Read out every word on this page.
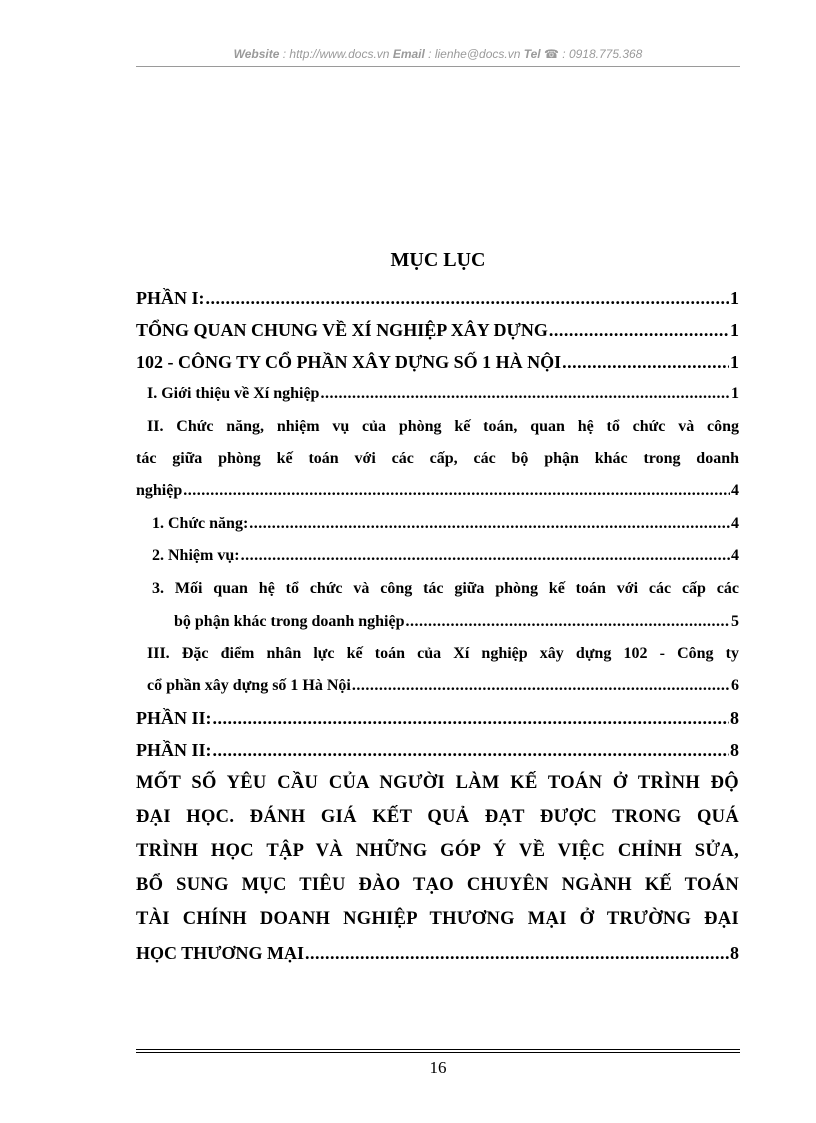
Website : http://www.docs.vn Email : lienhe@docs.vn Tel ☎ : 0918.775.368
MỤC LỤC
PHẦN I: .....	1
TỔNG QUAN CHUNG VỀ XÍ NGHIỆP XÂY DỰNG .....	1
102 - CÔNG TY CỔ PHẦN XÂY DỰNG SỐ 1 HÀ NỘI .....	1
I. Giới thiệu về Xí nghiệp .....	1
II. Chức năng, nhiệm vụ của phòng kế toán, quan hệ tổ chức và công
tác giữa phòng kế toán với các cấp, các bộ phận khác trong doanh
nghiệp .....	4
1. Chức năng: .....	4
2. Nhiệm vụ: .....	4
3. Mối quan hệ tổ chức và công tác giữa phòng kế toán với các cấp các
bộ phận khác trong doanh nghiệp .....	5
III. Đặc điểm nhân lực kế toán của Xí nghiệp xây dựng 102 - Công ty
cổ phần xây dựng số 1 Hà Nội .....	6
PHẦN II: .....	8
PHẦN II: .....	8
MỐT SỐ YÊU CẦU CỦA NGƯỜI LÀM KẾ TOÁN Ở TRÌNH ĐỘ
ĐẠI HỌC. ĐÁNH GIÁ KẾT QUẢ ĐẠT ĐƯỢC TRONG QUÁ
TRÌNH HỌC TẬP VÀ NHỮNG GÓP Ý VỀ VIỆC CHỈNH SỬA,
BỔ SUNG MỤC TIÊU ĐÀO TẠO CHUYÊN NGÀNH KẾ TOÁN
TÀI CHÍNH DOANH NGHIỆP THƯƠNG MẠI Ở TRƯỜNG ĐẠI
HỌC THƯƠNG MẠI .....	8
16
